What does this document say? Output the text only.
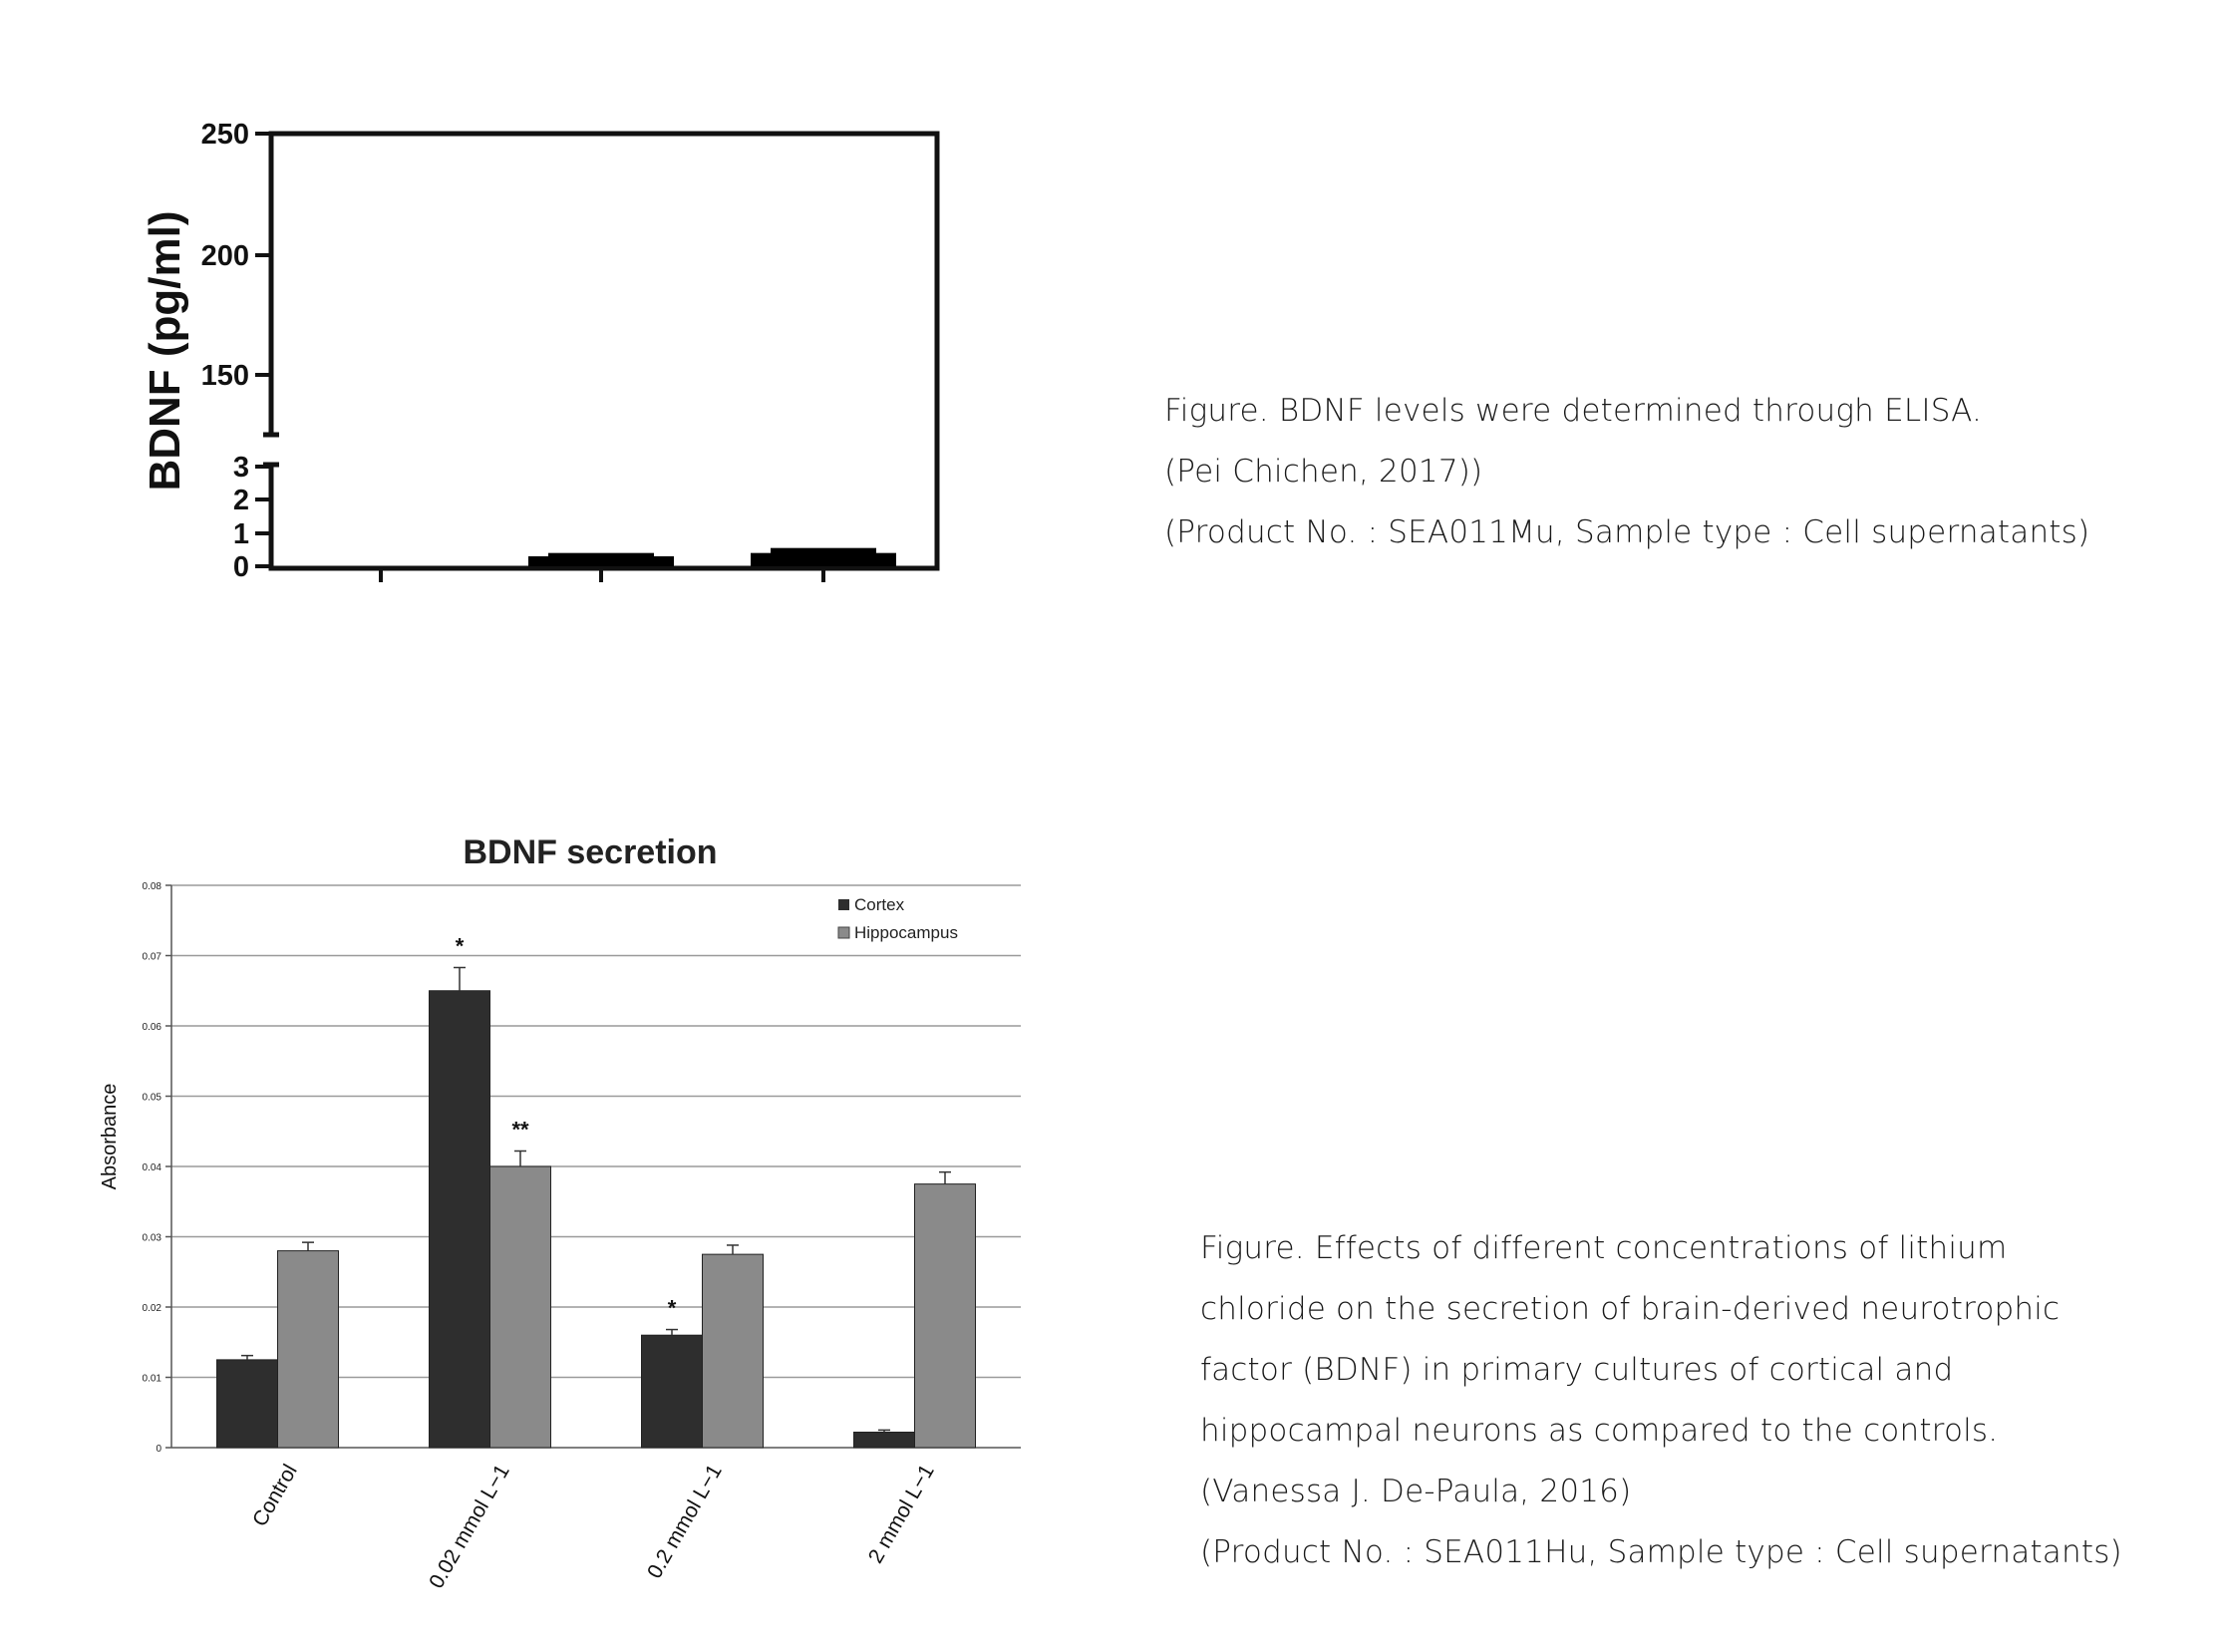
250
200
150
3
2
1
0
BDNF (pg/ml)	Figure. BDNF levels were determined through ELISA.
(Pei Chichen, 2017))
(Product No. : SEA011Mu, Sample type : Cell supernatants)
BDNF secretion
0
0.01
0.02
0.03
0.04
0.05
0.06
0.07
0.08
Absorbance
*
**
*
Control	0.02 mmol L−1	0.2 mmol L−1	2 mmol L−1
Cortex
Hippocampus
Figure. Effects of different concentrations of lithium
chloride on the secretion of brain-derived neurotrophic
factor (BDNF) in primary cultures of cortical and
hippocampal neurons as compared to the controls.
(Vanessa J. De-Paula, 2016)
(Product No. : SEA011Hu, Sample type : Cell supernatants)
